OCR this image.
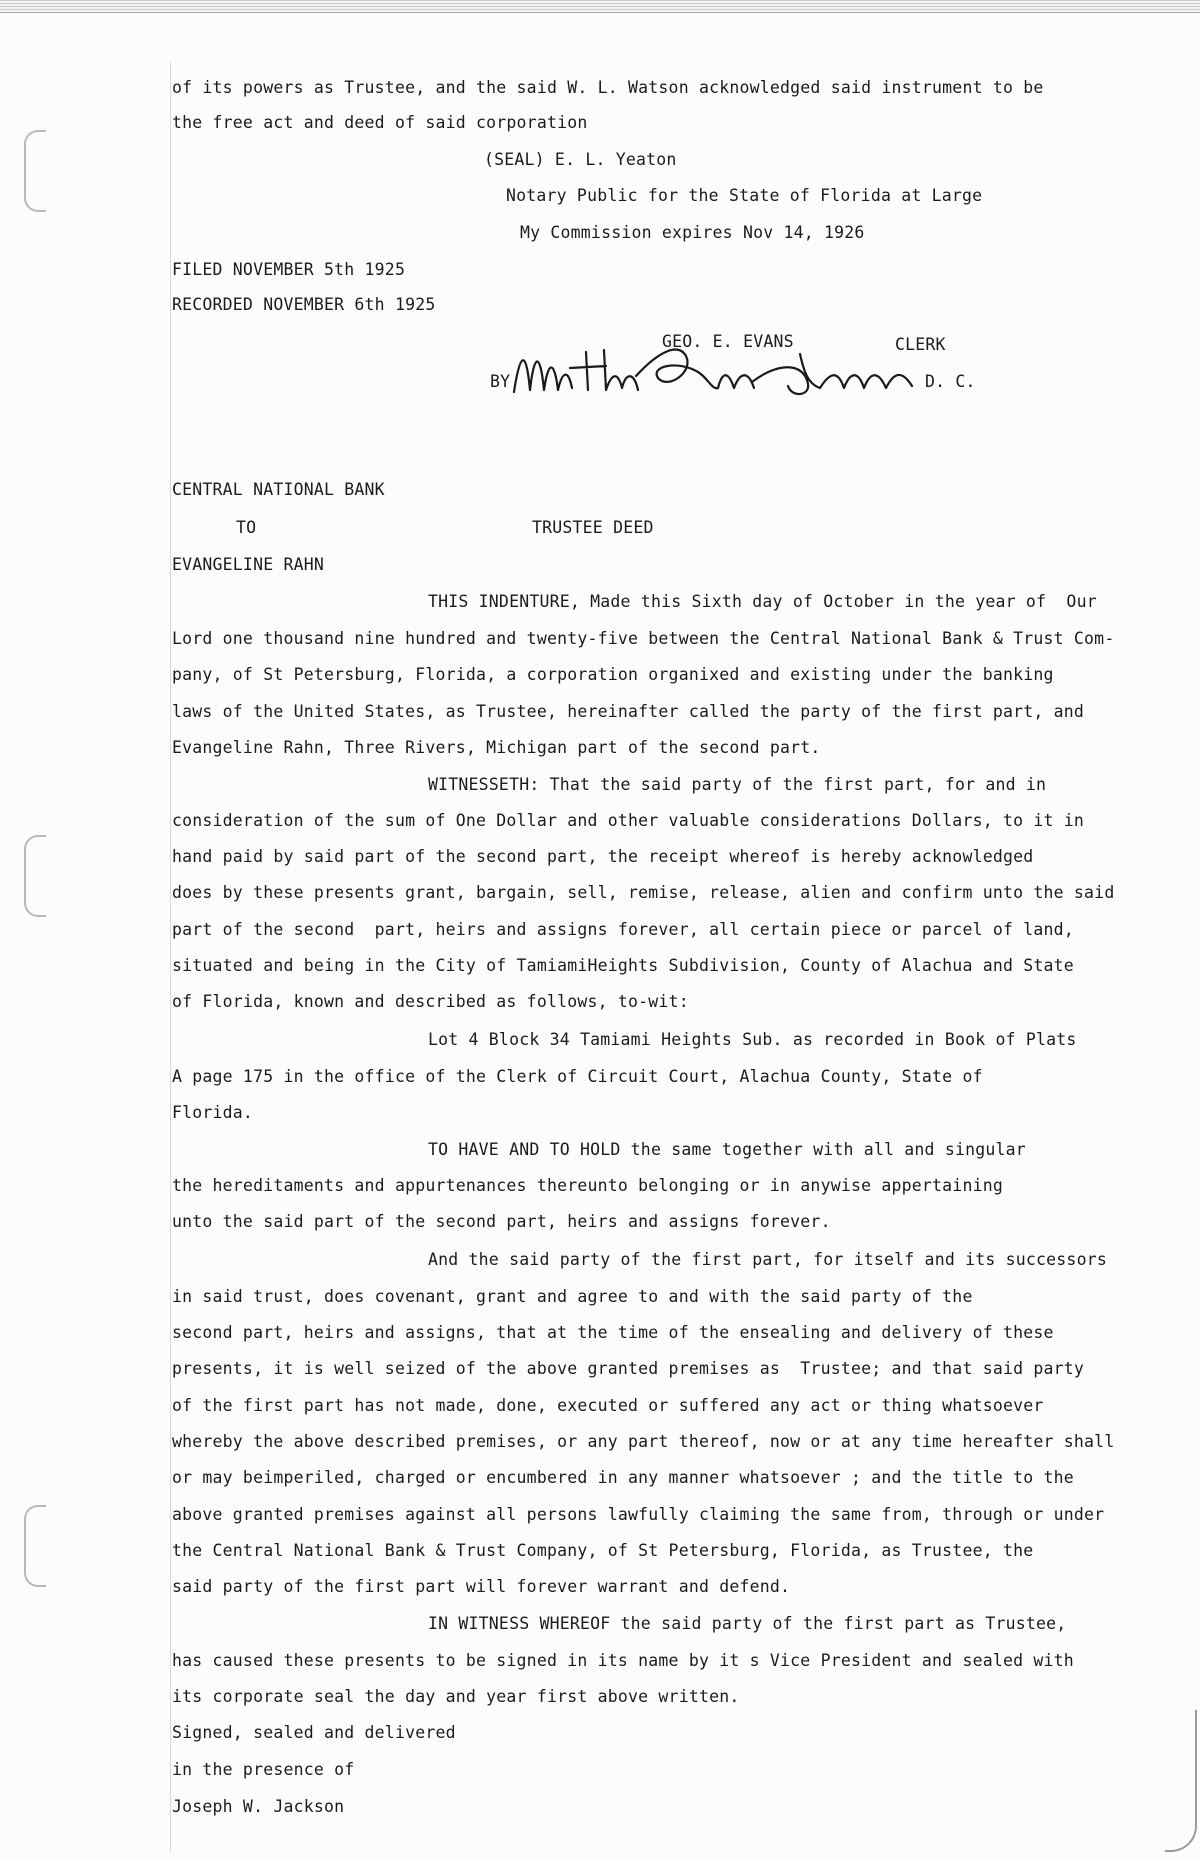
of its powers as Trustee, and the said W. L. Watson acknowledged said instrument to be
the free act and deed of said corporation
(SEAL) E. L. Yeaton
Notary Public for the State of Florida at Large
My Commission expires Nov 14, 1926
FILED NOVEMBER 5th 1925
RECORDED NOVEMBER 6th 1925
GEO. E. EVANS	CLERK
BY	D. C.
CENTRAL NATIONAL BANK
TO	TRUSTEE DEED
EVANGELINE RAHN
THIS INDENTURE, Made this Sixth day of October in the year of  Our
Lord one thousand nine hundred and twenty-five between the Central National Bank & Trust Com-
pany, of St Petersburg, Florida, a corporation organixed and existing under the banking
laws of the United States, as Trustee, hereinafter called the party of the first part, and
Evangeline Rahn, Three Rivers, Michigan part of the second part.
WITNESSETH: That the said party of the first part, for and in
consideration of the sum of One Dollar and other valuable considerations Dollars, to it in
hand paid by said part of the second part, the receipt whereof is hereby acknowledged
does by these presents grant, bargain, sell, remise, release, alien and confirm unto the said
part of the second  part, heirs and assigns forever, all certain piece or parcel of land,
situated and being in the City of TamiamiHeights Subdivision, County of Alachua and State
of Florida, known and described as follows, to-wit:
Lot 4 Block 34 Tamiami Heights Sub. as recorded in Book of Plats
A page 175 in the office of the Clerk of Circuit Court, Alachua County, State of
Florida.
TO HAVE AND TO HOLD the same together with all and singular
the hereditaments and appurtenances thereunto belonging or in anywise appertaining
unto the said part of the second part, heirs and assigns forever.
And the said party of the first part, for itself and its successors
in said trust, does covenant, grant and agree to and with the said party of the
second part, heirs and assigns, that at the time of the ensealing and delivery of these
presents, it is well seized of the above granted premises as  Trustee; and that said party
of the first part has not made, done, executed or suffered any act or thing whatsoever
whereby the above described premises, or any part thereof, now or at any time hereafter shall
or may beimperiled, charged or encumbered in any manner whatsoever ; and the title to the
above granted premises against all persons lawfully claiming the same from, through or under
the Central National Bank & Trust Company, of St Petersburg, Florida, as Trustee, the
said party of the first part will forever warrant and defend.
IN WITNESS WHEREOF the said party of the first part as Trustee,
has caused these presents to be signed in its name by it s Vice President and sealed with
its corporate seal the day and year first above written.
Signed, sealed and delivered
in the presence of
Joseph W. Jackson
